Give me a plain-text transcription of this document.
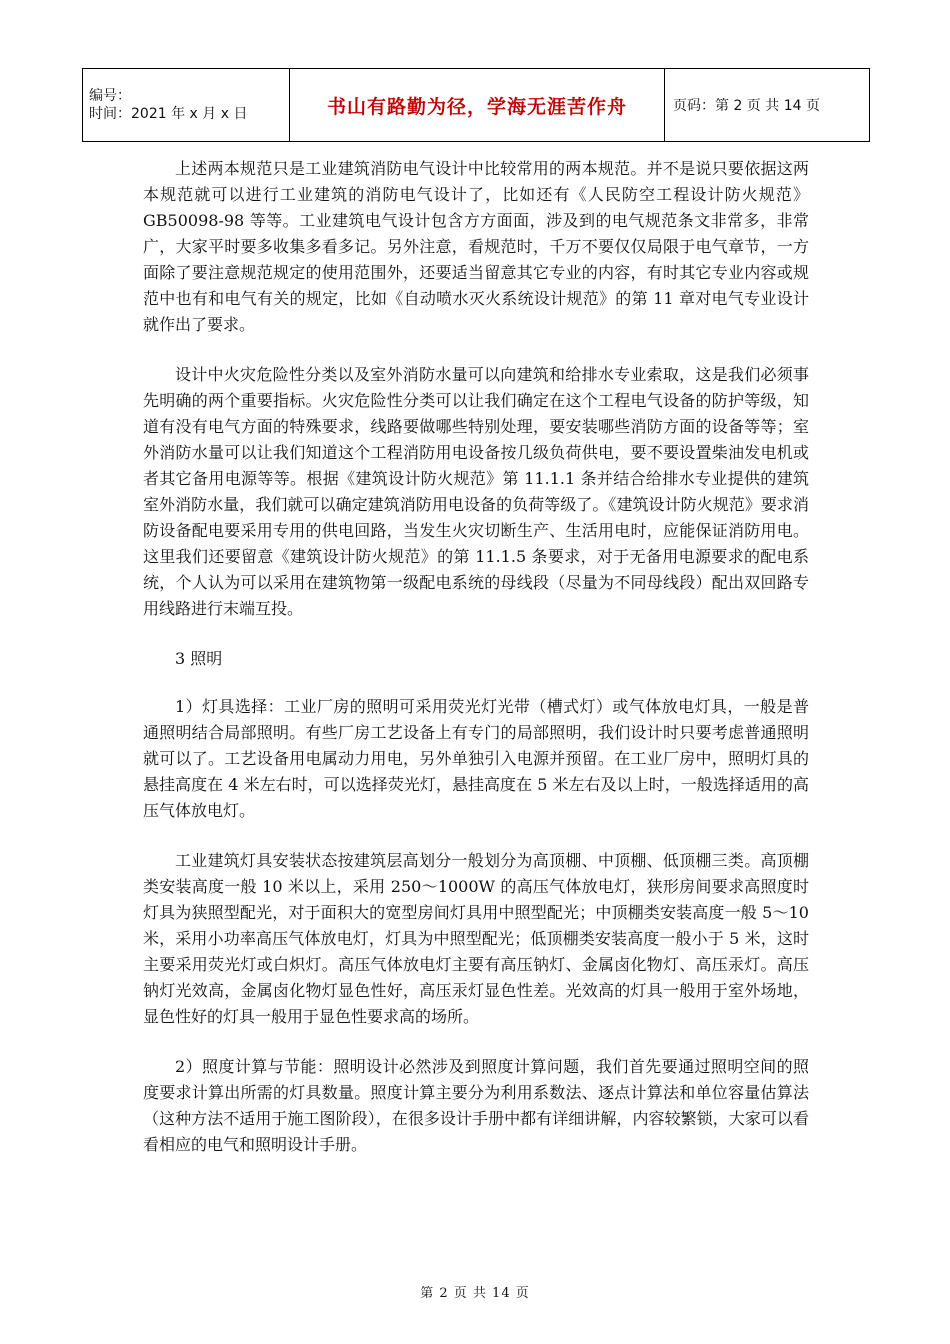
编号：
时间：2021 年 x 月 x 日	书山有路勤为径，学海无涯苦作舟	页码：第 2 页 共 14 页

上述两本规范只是工业建筑消防电气设计中比较常用的两本规范。并不是说只要依据这两本规范就可以进行工业建筑的消防电气设计了，比如还有《人民防空工程设计防火规范》GB50098-98 等等。工业建筑电气设计包含方方面面，涉及到的电气规范条文非常多，非常广，大家平时要多收集多看多记。另外注意，看规范时，千万不要仅仅局限于电气章节，一方面除了要注意规范规定的使用范围外，还要适当留意其它专业的内容，有时其它专业内容或规范中也有和电气有关的规定，比如《自动喷水灭火系统设计规范》的第 11 章对电气专业设计就作出了要求。

设计中火灾危险性分类以及室外消防水量可以向建筑和给排水专业索取，这是我们必须事先明确的两个重要指标。火灾危险性分类可以让我们确定在这个工程电气设备的防护等级，知道有没有电气方面的特殊要求，线路要做哪些特别处理，要安装哪些消防方面的设备等等；室外消防水量可以让我们知道这个工程消防用电设备按几级负荷供电，要不要设置柴油发电机或者其它备用电源等等。根据《建筑设计防火规范》第 11.1.1 条并结合给排水专业提供的建筑室外消防水量，我们就可以确定建筑消防用电设备的负荷等级了。《建筑设计防火规范》要求消防设备配电要采用专用的供电回路，当发生火灾切断生产、生活用电时，应能保证消防用电。这里我们还要留意《建筑设计防火规范》的第 11.1.5 条要求，对于无备用电源要求的配电系统，个人认为可以采用在建筑物第一级配电系统的母线段（尽量为不同母线段）配出双回路专用线路进行末端互投。

3 照明

1）灯具选择：工业厂房的照明可采用荧光灯光带（槽式灯）或气体放电灯具，一般是普通照明结合局部照明。有些厂房工艺设备上有专门的局部照明，我们设计时只要考虑普通照明就可以了。工艺设备用电属动力用电，另外单独引入电源并预留。在工业厂房中，照明灯具的悬挂高度在 4 米左右时，可以选择荧光灯，悬挂高度在 5 米左右及以上时，一般选择适用的高压气体放电灯。

工业建筑灯具安装状态按建筑层高划分一般划分为高顶棚、中顶棚、低顶棚三类。高顶棚类安装高度一般 10 米以上，采用 250～1000W 的高压气体放电灯，狭形房间要求高照度时灯具为狭照型配光，对于面积大的宽型房间灯具用中照型配光；中顶棚类安装高度一般 5～10 米，采用小功率高压气体放电灯，灯具为中照型配光；低顶棚类安装高度一般小于 5 米，这时主要采用荧光灯或白炽灯。高压气体放电灯主要有高压钠灯、金属卤化物灯、高压汞灯。高压钠灯光效高，金属卤化物灯显色性好，高压汞灯显色性差。光效高的灯具一般用于室外场地，显色性好的灯具一般用于显色性要求高的场所。

2）照度计算与节能：照明设计必然涉及到照度计算问题，我们首先要通过照明空间的照度要求计算出所需的灯具数量。照度计算主要分为利用系数法、逐点计算法和单位容量估算法（这种方法不适用于施工图阶段），在很多设计手册中都有详细讲解，内容较繁锁，大家可以看看相应的电气和照明设计手册。

第 2 页 共 14 页
